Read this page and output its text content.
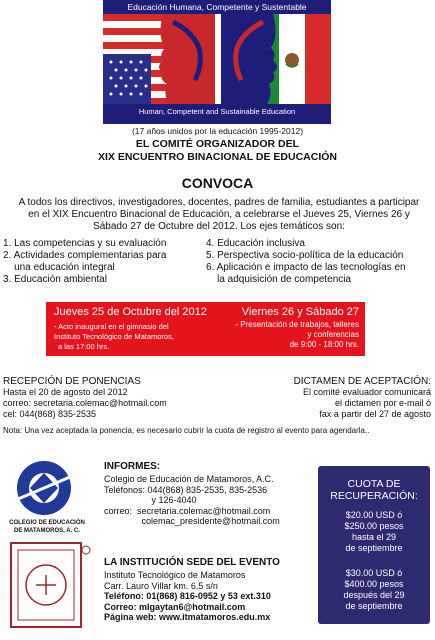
Educación Humana, Competente y Sustentable
Human, Competent and Sustainable Education
(17 años unidos por la educación 1995-2012)
EL COMITÉ ORGANIZADOR DEL
XIX ENCUENTRO BINACIONAL DE EDUCACIÓN
CONVOCA
A todos los directivos, investigadores, docentes, padres de familia, estudiantes a participar
en el XIX Encuentro Binacional de Educación, a celebrarse el Jueves 25, Viernes 26 y
Sábado 27 de Octubre del 2012. Los ejes temáticos son:
1. Las competencias y su evaluación
2. Actividades complementarias para
una educación integral
3. Educación ambiental
4. Educación inclusiva
5. Perspectiva socio-política de la educación
6. Aplicación e impacto de las tecnologías en
la adquisición de competencia
Jueves 25 de Octubre del 2012
- Acto inaugural en el gimnasio del
Instituto Tecnológico de Matamoros,
a las 17:00 hrs.
Viernes 26 y Sábado 27
- Presentación de trabajos, talleres
y conferencias
de 9:00 - 18:00 hrs.
RECEPCIÓN DE PONENCIAS
Hasta el 20 de agosto del 2012
correo: secretaria.colemac@hotmail.com
cel: 044(868) 835-2535
DICTAMEN DE ACEPTACIÓN:
El comité evaluador comunicará
el dictamen por e-mail ó
fax a partir del 27 de agosto
Nota: Una vez aceptada la ponencia, es necesario cubrir la cuota de registro al evento para agendarla..
COLEGIO DE EDUCACIÓN
DE MATAMOROS, A. C.
INFORMES:
Colegio de Educación de Matamoros, A.C.
Teléfonos: 044(868) 835-2535, 835-2536
y 126-4040
correo:  secretaria.colemac@hotmail.com
colemac_presidente@hotmail.com
LA INSTITUCIÓN SEDE DEL EVENTO
Instituto Tecnológico de Matamoros
Carr. Lauro Villar km. 6.5 s/n
Teléfono: 01(868) 816-0952 y 53 ext.310
Correo: mlgaytan6@hotmail.com
Página web: www.itmatamoros.edu.mx
CUOTA DE
RECUPERACIÓN:
$20.00 USD ó
$250.00 pesos
hasta el 29
de septiembre
$30.00 USD ó
$400.00 pesos
después del 29
de septiembre
